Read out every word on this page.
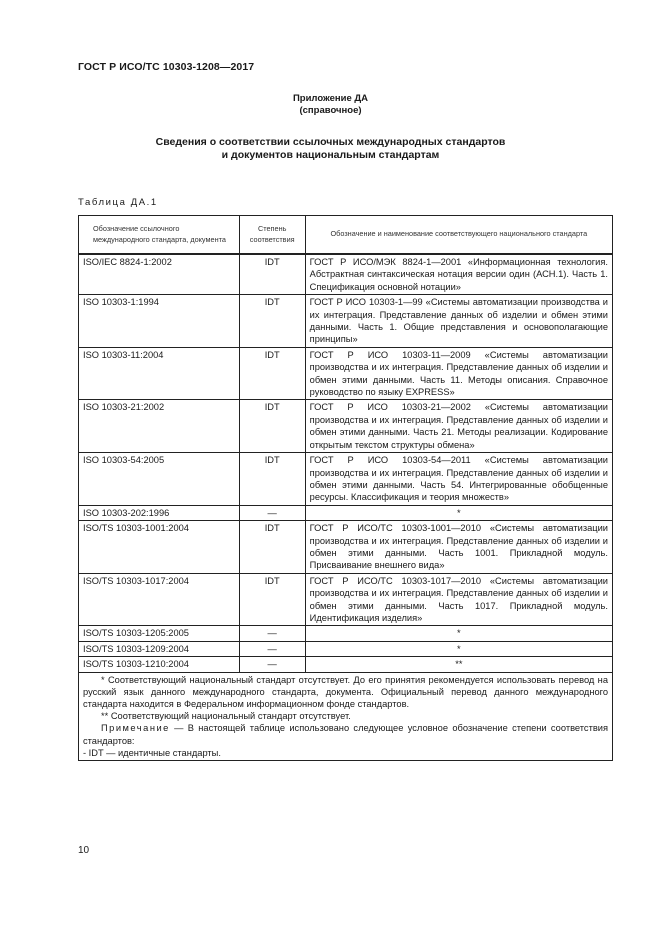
ГОСТ Р ИСО/ТС 10303-1208—2017
Приложение ДА
(справочное)
Сведения о соответствии ссылочных международных стандартов
и документов национальным стандартам
Таблица ДА.1
Обозначение ссылочного международного стандарта, документа	Степень соответствия	Обозначение и наименование соответствующего национального стандарта
ISO/IEC 8824-1:2002	IDT	ГОСТ Р ИСО/МЭК 8824-1—2001 «Информационная технология. Абстрактная синтаксическая нотация версии один (АСН.1). Часть 1. Спецификация основной нотации»
ISO 10303-1:1994	IDT	ГОСТ Р ИСО 10303-1—99 «Системы автоматизации производства и их интеграция. Представление данных об изделии и обмен этими данными. Часть 1. Общие представления и основополагающие принципы»
ISO 10303-11:2004	IDT	ГОСТ Р ИСО 10303-11—2009 «Системы автоматизации производства и их интеграция. Представление данных об изделии и обмен этими данными. Часть 11. Методы описания. Справочное руководство по языку EXPRESS»
ISO 10303-21:2002	IDT	ГОСТ Р ИСО 10303-21—2002 «Системы автоматизации производства и их интеграция. Представление данных об изделии и обмен этими данными. Часть 21. Методы реализации. Кодирование открытым текстом структуры обмена»
ISO 10303-54:2005	IDT	ГОСТ Р ИСО 10303-54—2011 «Системы автоматизации производства и их интеграция. Представление данных об изделии и обмен этими данными. Часть 54. Интегрированные обобщенные ресурсы. Классификация и теория множеств»
ISO 10303-202:1996	—	*
ISO/TS 10303-1001:2004	IDT	ГОСТ Р ИСО/ТС 10303-1001—2010 «Системы автоматизации производства и их интеграция. Представление данных об изделии и обмен этими данными. Часть 1001. Прикладной модуль. Присваивание внешнего вида»
ISO/TS 10303-1017:2004	IDT	ГОСТ Р ИСО/ТС 10303-1017—2010 «Системы автоматизации производства и их интеграция. Представление данных об изделии и обмен этими данными. Часть 1017. Прикладной модуль. Идентификация изделия»
ISO/TS 10303-1205:2005	—	*
ISO/TS 10303-1209:2004	—	*
ISO/TS 10303-1210:2004	—	**

* Соответствующий национальный стандарт отсутствует. До его принятия рекомендуется использовать перевод на русский язык данного международного стандарта, документа. Официальный перевод данного международного стандарта находится в Федеральном информационном фонде стандартов.
** Соответствующий национальный стандарт отсутствует.
Примечание — В настоящей таблице использовано следующее условное обозначение степени соответствия стандартов:
- IDT — идентичные стандарты.		
10
